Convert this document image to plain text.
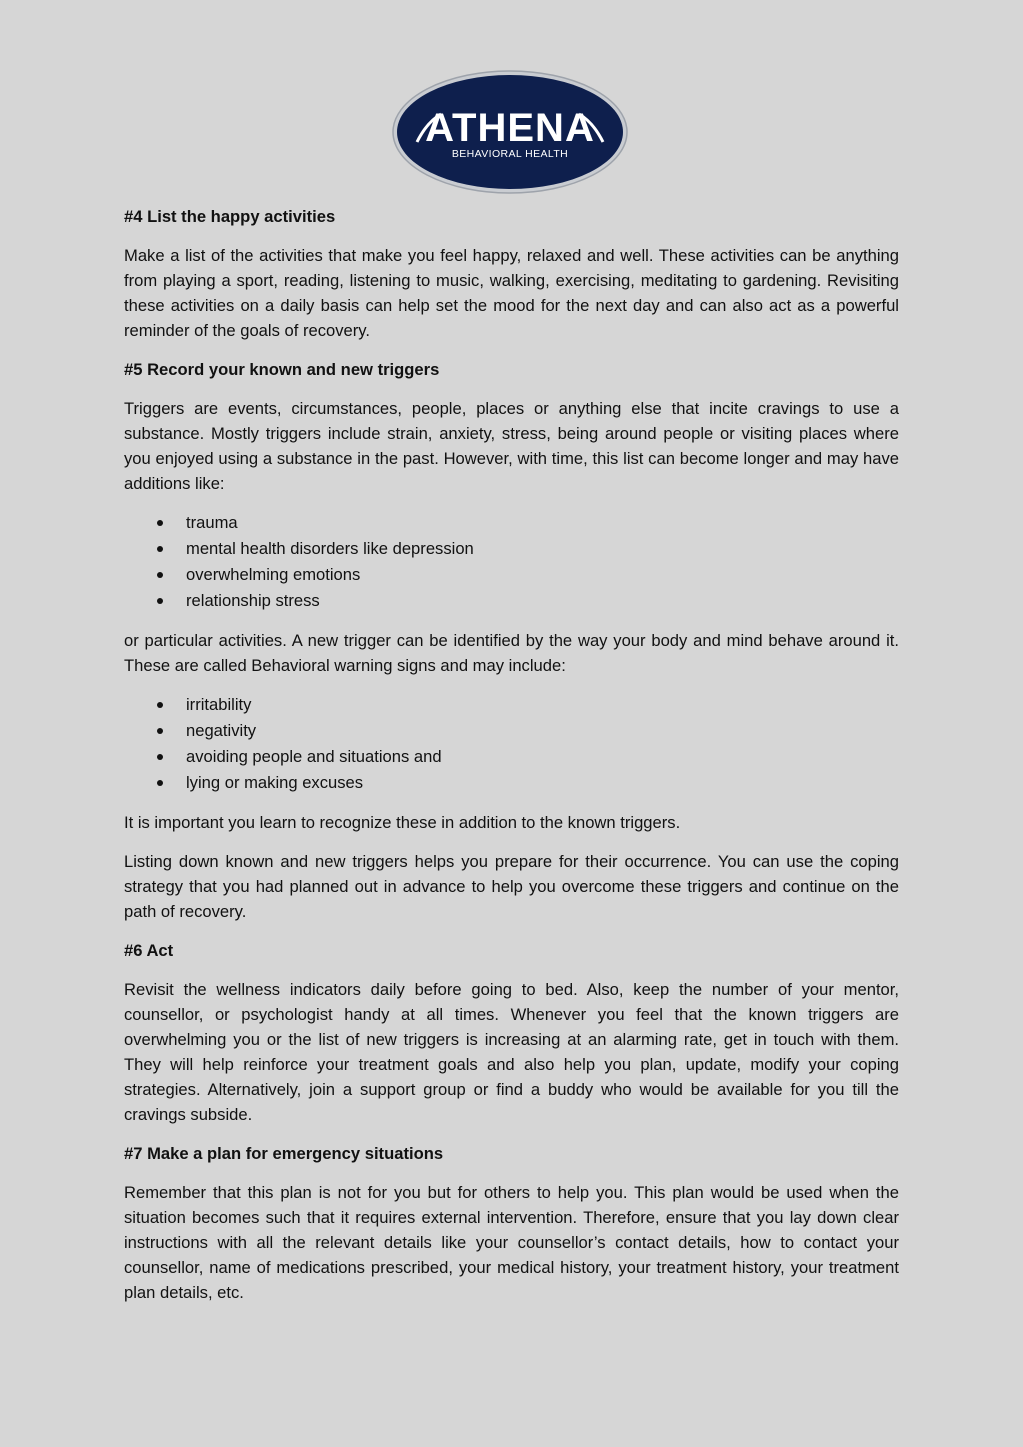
ATHENA
BEHAVIORAL HEALTH
#4 List the happy activities
Make a list of the activities that make you feel happy, relaxed and well. These activities can be anything from playing a sport, reading, listening to music, walking, exercising, meditating to gardening. Revisiting these activities on a daily basis can help set the mood for the next day and can also act as a powerful reminder of the goals of recovery.
#5 Record your known and new triggers
Triggers are events, circumstances, people, places or anything else that incite cravings to use a substance. Mostly triggers include strain, anxiety, stress, being around people or visiting places where you enjoyed using a substance in the past. However, with time, this list can become longer and may have additions like:
trauma
mental health disorders like depression
overwhelming emotions
relationship stress
or particular activities. A new trigger can be identified by the way your body and mind behave around it. These are called Behavioral warning signs and may include:
irritability
negativity
avoiding people and situations and
lying or making excuses
It is important you learn to recognize these in addition to the known triggers.
Listing down known and new triggers helps you prepare for their occurrence. You can use the coping strategy that you had planned out in advance to help you overcome these triggers and continue on the path of recovery.
#6 Act
Revisit the wellness indicators daily before going to bed. Also, keep the number of your mentor, counsellor, or psychologist handy at all times. Whenever you feel that the known triggers are overwhelming you or the list of new triggers is increasing at an alarming rate, get in touch with them. They will help reinforce your treatment goals and also help you plan, update, modify your coping strategies. Alternatively, join a support group or find a buddy who would be available for you till the cravings subside.
#7 Make a plan for emergency situations
Remember that this plan is not for you but for others to help you. This plan would be used when the situation becomes such that it requires external intervention. Therefore, ensure that you lay down clear instructions with all the relevant details like your counsellor’s contact details, how to contact your counsellor, name of medications prescribed, your medical history, your treatment history, your treatment plan details, etc.
